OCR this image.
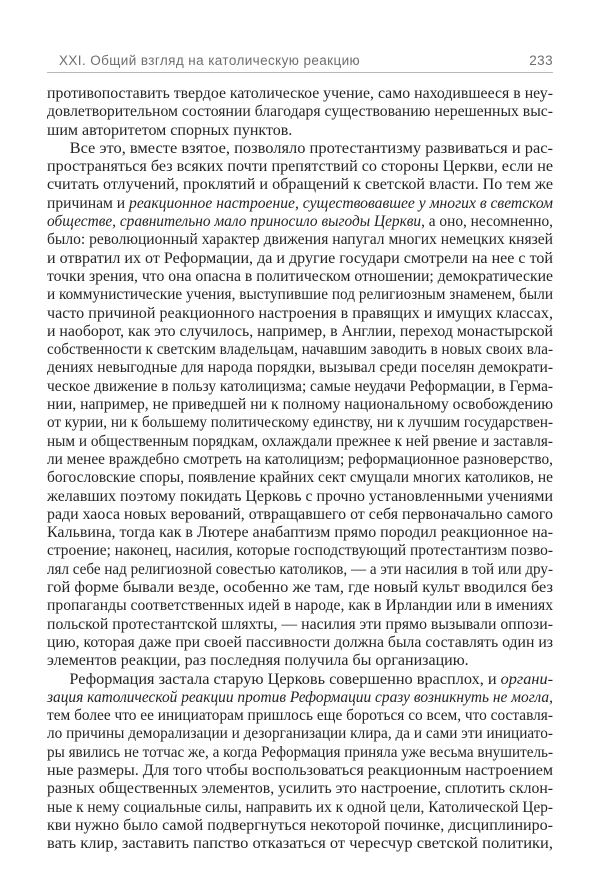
XXI. Общий взгляд на католическую реакцию	233
противопоставить твердое католическое учение, само находившееся в неу-
довлетворительном состоянии благодаря существованию нерешенных выс-
шим авторитетом спорных пунктов.
Все это, вместе взятое, позволяло протестантизму развиваться и рас-
пространяться без всяких почти препятствий со стороны Церкви, если не
считать отлучений, проклятий и обращений к светской власти. По тем же
причинам и реакционное настроение, существовавшее у многих в светском
обществе, сравнительно мало приносило выгоды Церкви, а оно, несомненно,
было: революционный характер движения напугал многих немецких князей
и отвратил их от Реформации, да и другие государи смотрели на нее с той
точки зрения, что она опасна в политическом отношении; демократические
и коммунистические учения, выступившие под религиозным знаменем, были
часто причиной реакционного настроения в правящих и имущих классах,
и наоборот, как это случилось, например, в Англии, переход монастырской
собственности к светским владельцам, начавшим заводить в новых своих вла-
дениях невыгодные для народа порядки, вызывал среди поселян демократи-
ческое движение в пользу католицизма; самые неудачи Реформации, в Герма-
нии, например, не приведшей ни к полному национальному освобождению
от курии, ни к большему политическому единству, ни к лучшим государствен-
ным и общественным порядкам, охлаждали прежнее к ней рвение и заставля-
ли менее враждебно смотреть на католицизм; реформационное разноверство,
богословские споры, появление крайних сект смущали многих католиков, не
желавших поэтому покидать Церковь с прочно установленными учениями
ради хаоса новых верований, отвращавшего от себя первоначально самого
Кальвина, тогда как в Лютере анабаптизм прямо породил реакционное на-
строение; наконец, насилия, которые господствующий протестантизм позво-
лял себе над религиозной совестью католиков, — а эти насилия в той или дру-
гой форме бывали везде, особенно же там, где новый культ вводился без
пропаганды соответственных идей в народе, как в Ирландии или в имениях
польской протестантской шляхты, — насилия эти прямо вызывали оппози-
цию, которая даже при своей пассивности должна была составлять один из
элементов реакции, раз последняя получила бы организацию.
Реформация застала старую Церковь совершенно врасплох, и органи-
зация католической реакции против Реформации сразу возникнуть не могла,
тем более что ее инициаторам пришлось еще бороться со всем, что составля-
ло причины деморализации и дезорганизации клира, да и сами эти инициато-
ры явились не тотчас же, а когда Реформация приняла уже весьма внушитель-
ные размеры. Для того чтобы воспользоваться реакционным настроением
разных общественных элементов, усилить это настроение, сплотить склон-
ные к нему социальные силы, направить их к одной цели, Католической Цер-
кви нужно было самой подвергнуться некоторой починке, дисциплиниро-
вать клир, заставить папство отказаться от чересчур светской политики,
